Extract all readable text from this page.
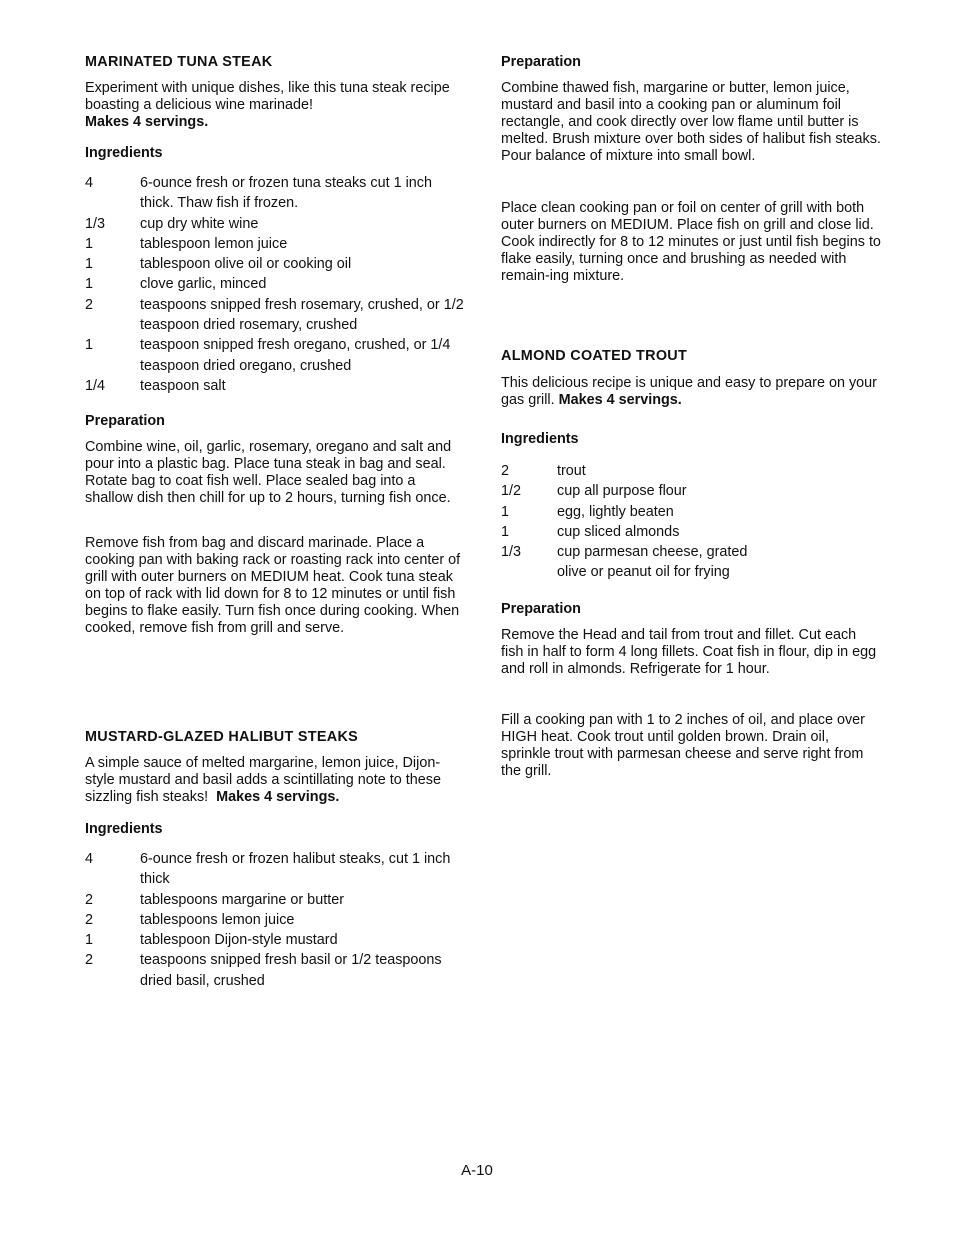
MARINATED TUNA STEAK

Experiment with unique dishes, like this tuna steak recipe boasting a delicious wine marinade!
Makes 4 servings.

Ingredients
4	6-ounce fresh or frozen tuna steaks cut 1 inch thick. Thaw fish if frozen.
1/3	cup dry white wine
1	tablespoon lemon juice
1	tablespoon olive oil or cooking oil
1	clove garlic, minced
2	teaspoons snipped fresh rosemary, crushed, or 1/2 teaspoon dried rosemary, crushed
1	teaspoon snipped fresh oregano, crushed, or 1/4 teaspoon dried oregano, crushed
1/4	teaspoon salt
Preparation

Combine wine, oil, garlic, rosemary, oregano and salt and pour into a plastic bag. Place tuna steak in bag and seal. Rotate bag to coat fish well. Place sealed bag into a shallow dish then chill for up to 2 hours, turning fish once.

Remove fish from bag and discard marinade. Place a cooking pan with baking rack or roasting rack into center of grill with outer burners on MEDIUM heat. Cook tuna steak on top of rack with lid down for 8 to 12 minutes or until fish begins to flake easily. Turn fish once during cooking. When cooked, remove fish from grill and serve.

MUSTARD-GLAZED HALIBUT STEAKS

A simple sauce of melted margarine, lemon juice, Dijon-style mustard and basil adds a scintillating note to these sizzling fish steaks! Makes 4 servings.

Ingredients
4	6-ounce fresh or frozen halibut steaks, cut 1 inch thick
2	tablespoons margarine or butter
2	tablespoons lemon juice
1	tablespoon Dijon-style mustard
2	teaspoons snipped fresh basil or 1/2 teaspoons dried basil, crushed
Preparation

Combine thawed fish, margarine or butter, lemon juice, mustard and basil into a cooking pan or aluminum foil rectangle, and cook directly over low flame until butter is melted. Brush mixture over both sides of halibut fish steaks. Pour balance of mixture into small bowl.

Place clean cooking pan or foil on center of grill with both outer burners on MEDIUM. Place fish on grill and close lid. Cook indirectly for 8 to 12 minutes or just until fish begins to flake easily, turning once and brushing as needed with remain-ing mixture.

ALMOND COATED TROUT

This delicious recipe is unique and easy to prepare on your gas grill. Makes 4 servings.

Ingredients
2	trout
1/2	cup all purpose flour
1	egg, lightly beaten
1	cup sliced almonds
1/3	cup parmesan cheese, grated
olive or peanut oil for frying
Preparation

Remove the Head and tail from trout and fillet. Cut each fish in half to form 4 long fillets. Coat fish in flour, dip in egg and roll in almonds. Refrigerate for 1 hour.

Fill a cooking pan with 1 to 2 inches of oil, and place over HIGH heat. Cook trout until golden brown. Drain oil, sprinkle trout with parmesan cheese and serve right from the grill.

A-10
